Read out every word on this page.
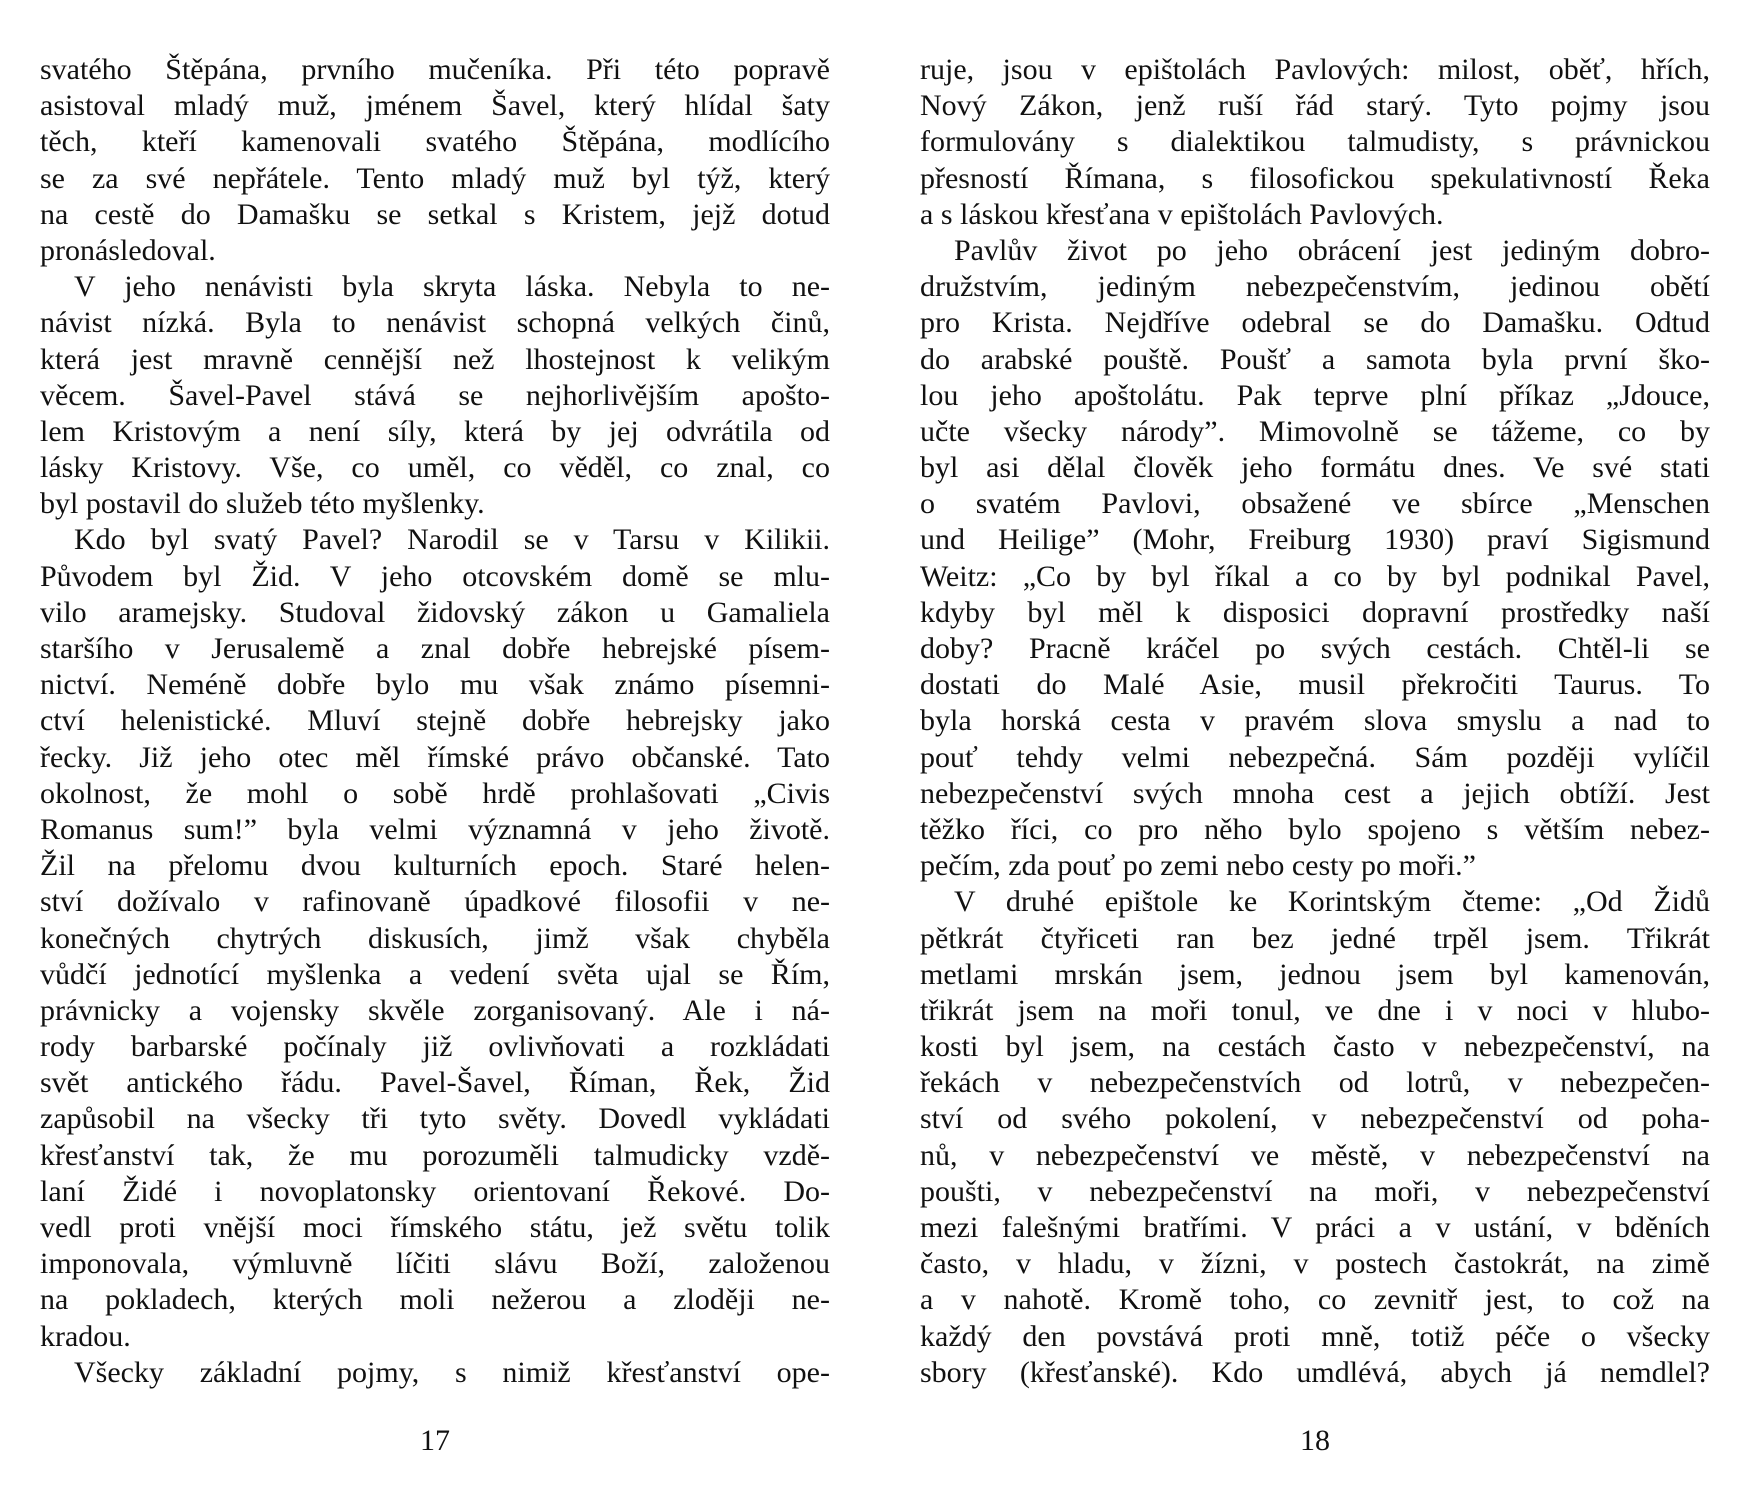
svatého Štěpána, prvního mučeníka. Při této popravě
asistoval mladý muž, jménem Šavel, který hlídal šaty
těch, kteří kamenovali svatého Štěpána, modlícího
se za své nepřátele. Tento mladý muž byl týž, který
na cestě do Damašku se setkal s Kristem, jejž dotud
pronásledoval.
V jeho nenávisti byla skryta láska. Nebyla to ne-
návist nízká. Byla to nenávist schopná velkých činů,
která jest mravně cennější než lhostejnost k velikým
věcem. Šavel-Pavel stává se nejhorlivějším apošto-
lem Kristovým a není síly, která by jej odvrátila od
lásky Kristovy. Vše, co uměl, co věděl, co znal, co
byl postavil do služeb této myšlenky.
Kdo byl svatý Pavel? Narodil se v Tarsu v Kilikii.
Původem byl Žid. V jeho otcovském domě se mlu-
vilo aramejsky. Studoval židovský zákon u Gamaliela
staršího v Jerusalemě a znal dobře hebrejské písem-
nictví. Neméně dobře bylo mu však známo písemni-
ctví helenistické. Mluví stejně dobře hebrejsky jako
řecky. Již jeho otec měl římské právo občanské. Tato
okolnost, že mohl o sobě hrdě prohlašovati „Civis
Romanus sum!” byla velmi významná v jeho životě.
Žil na přelomu dvou kulturních epoch. Staré helen-
ství dožívalo v rafinovaně úpadkové filosofii v ne-
konečných chytrých diskusích, jimž však chyběla
vůdčí jednotící myšlenka a vedení světa ujal se Řím,
právnicky a vojensky skvěle zorganisovaný. Ale i ná-
rody barbarské počínaly již ovlivňovati a rozkládati
svět antického řádu. Pavel-Šavel, Říman, Řek, Žid
zapůsobil na všecky tři tyto světy. Dovedl vykládati
křesťanství tak, že mu porozuměli talmudicky vzdě-
laní Židé i novoplatonsky orientovaní Řekové. Do-
vedl proti vnější moci římského státu, jež světu tolik
imponovala, výmluvně líčiti slávu Boží, založenou
na pokladech, kterých moli nežerou a zloději ne-
kradou.
Všecky základní pojmy, s nimiž křesťanství ope-
17
ruje, jsou v epištolách Pavlových: milost, oběť, hřích,
Nový Zákon, jenž ruší řád starý. Tyto pojmy jsou
formulovány s dialektikou talmudisty, s právnickou
přesností Římana, s filosofickou spekulativností Řeka
a s láskou křesťana v epištolách Pavlových.
Pavlův život po jeho obrácení jest jediným dobro-
družstvím, jediným nebezpečenstvím, jedinou obětí
pro Krista. Nejdříve odebral se do Damašku. Odtud
do arabské pouště. Poušť a samota byla první ško-
lou jeho apoštolátu. Pak teprve plní příkaz „Jdouce,
učte všecky národy”. Mimovolně se tážeme, co by
byl asi dělal člověk jeho formátu dnes. Ve své stati
o svatém Pavlovi, obsažené ve sbírce „Menschen
und Heilige” (Mohr, Freiburg 1930) praví Sigismund
Weitz: „Co by byl říkal a co by byl podnikal Pavel,
kdyby byl měl k disposici dopravní prostředky naší
doby? Pracně kráčel po svých cestách. Chtěl-li se
dostati do Malé Asie, musil překročiti Taurus. To
byla horská cesta v pravém slova smyslu a nad to
pouť tehdy velmi nebezpečná. Sám později vylíčil
nebezpečenství svých mnoha cest a jejich obtíží. Jest
těžko říci, co pro něho bylo spojeno s větším nebez-
pečím, zda pouť po zemi nebo cesty po moři.”
V druhé epištole ke Korintským čteme: „Od Židů
pětkrát čtyřiceti ran bez jedné trpěl jsem. Třikrát
metlami mrskán jsem, jednou jsem byl kamenován,
třikrát jsem na moři tonul, ve dne i v noci v hlubo-
kosti byl jsem, na cestách často v nebezpečenství, na
řekách v nebezpečenstvích od lotrů, v nebezpečen-
ství od svého pokolení, v nebezpečenství od poha-
nů, v nebezpečenství ve městě, v nebezpečenství na
poušti, v nebezpečenství na moři, v nebezpečenství
mezi falešnými bratřími. V práci a v ustání, v bděních
často, v hladu, v žízni, v postech častokrát, na zimě
a v nahotě. Kromě toho, co zevnitř jest, to což na
každý den povstává proti mně, totiž péče o všecky
sbory (křesťanské). Kdo umdlévá, abych já nemdlel?
18
